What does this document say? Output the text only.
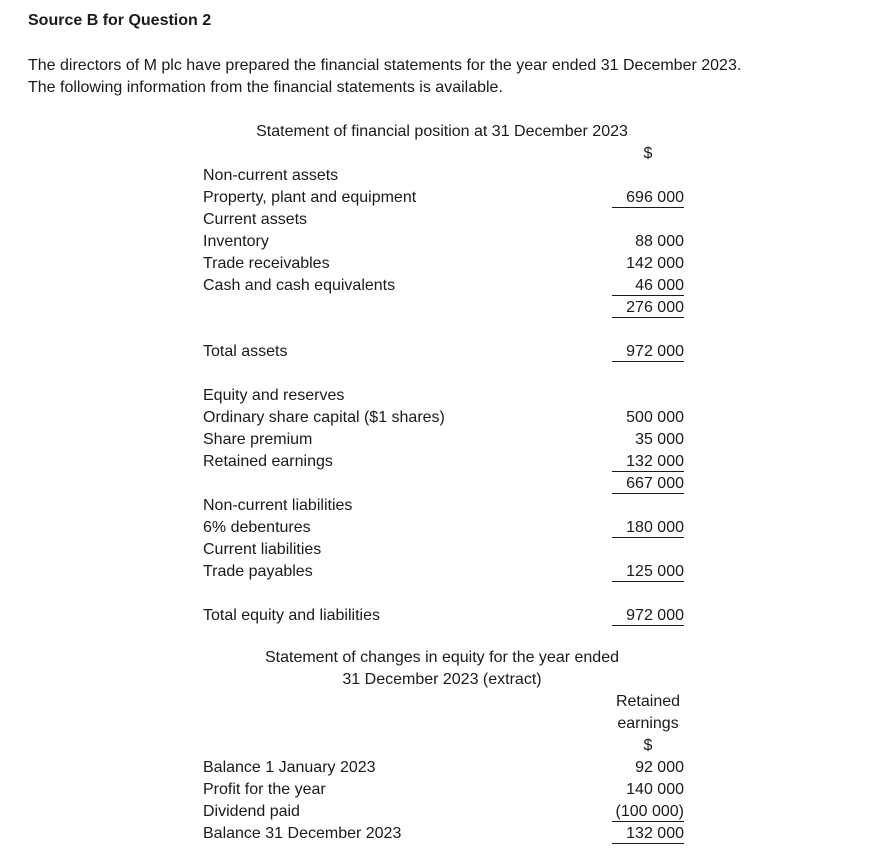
Source B for Question 2
The directors of M plc have prepared the financial statements for the year ended 31 December 2023.
The following information from the financial statements is available.
Statement of financial position at 31 December 2023
$
Non-current assets
Property, plant and equipment	696 000
Current assets
Inventory	88 000
Trade receivables	142 000
Cash and cash equivalents	46 000
276 000
Total assets	972 000
Equity and reserves
Ordinary share capital ($1 shares)	500 000
Share premium	35 000
Retained earnings	132 000
667 000
Non-current liabilities
6% debentures	180 000
Current liabilities
Trade payables	125 000
Total equity and liabilities	972 000
Statement of changes in equity for the year ended
31 December 2023 (extract)
Retained
earnings
$
Balance 1 January 2023	92 000
Profit for the year	140 000
Dividend paid	(100 000)
Balance 31 December 2023	132 000
